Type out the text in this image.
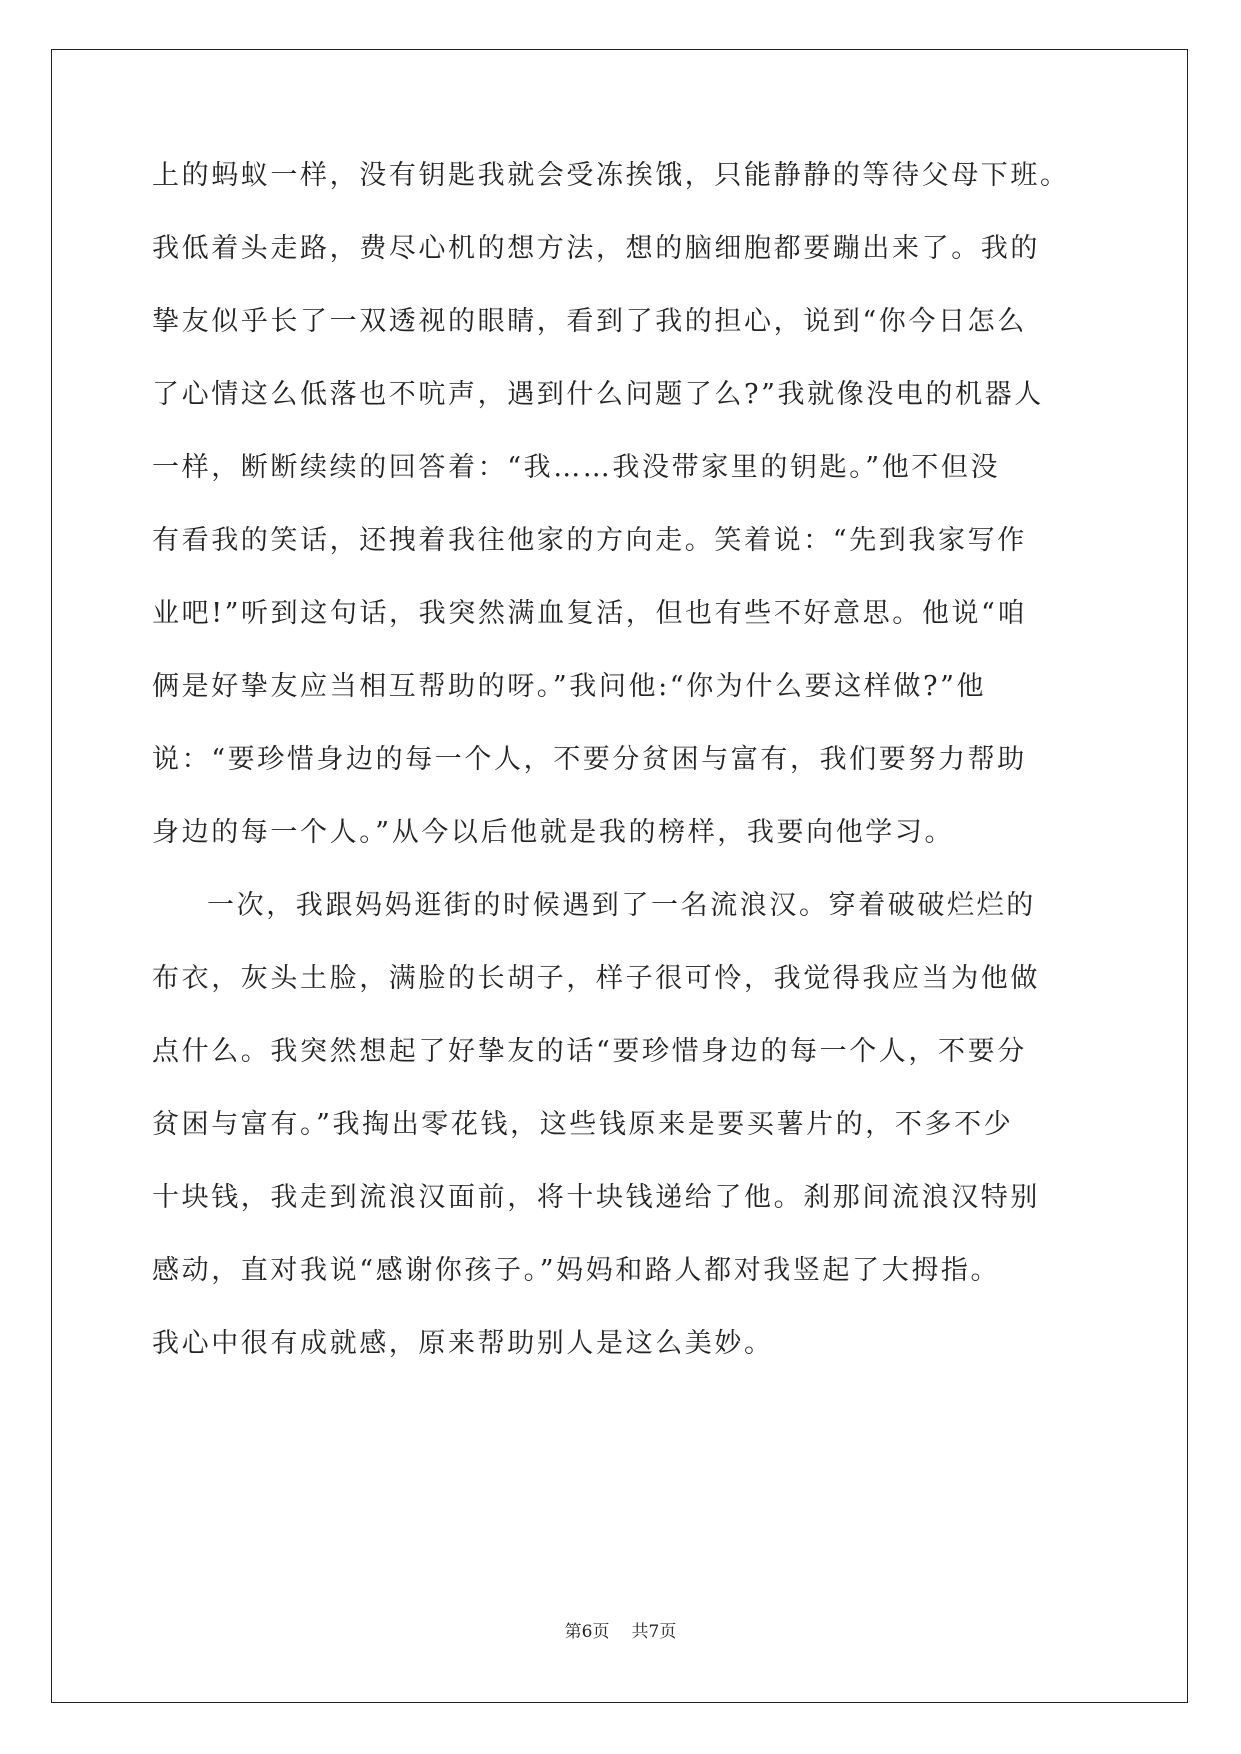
上的蚂蚁一样，没有钥匙我就会受冻挨饿，只能静静的等待父母下班。
我低着头走路，费尽心机的想方法，想的脑细胞都要蹦出来了。我的
挚友似乎长了一双透视的眼睛，看到了我的担心，说到“你今日怎么
了心情这么低落也不吭声，遇到什么问题了么?”我就像没电的机器人
一样，断断续续的回答着：“我……我没带家里的钥匙。”他不但没
有看我的笑话，还拽着我往他家的方向走。笑着说：“先到我家写作
业吧!”听到这句话，我突然满血复活，但也有些不好意思。他说“咱
俩是好挚友应当相互帮助的呀。”我问他:“你为什么要这样做?”他
说：“要珍惜身边的每一个人，不要分贫困与富有，我们要努力帮助
身边的每一个人。”从今以后他就是我的榜样，我要向他学习。
一次，我跟妈妈逛街的时候遇到了一名流浪汉。穿着破破烂烂的
布衣，灰头土脸，满脸的长胡子，样子很可怜，我觉得我应当为他做
点什么。我突然想起了好挚友的话“要珍惜身边的每一个人，不要分
贫困与富有。”我掏出零花钱，这些钱原来是要买薯片的，不多不少
十块钱，我走到流浪汉面前，将十块钱递给了他。刹那间流浪汉特别
感动，直对我说“感谢你孩子。”妈妈和路人都对我竖起了大拇指。
我心中很有成就感，原来帮助别人是这么美妙。
第6页 共7页
